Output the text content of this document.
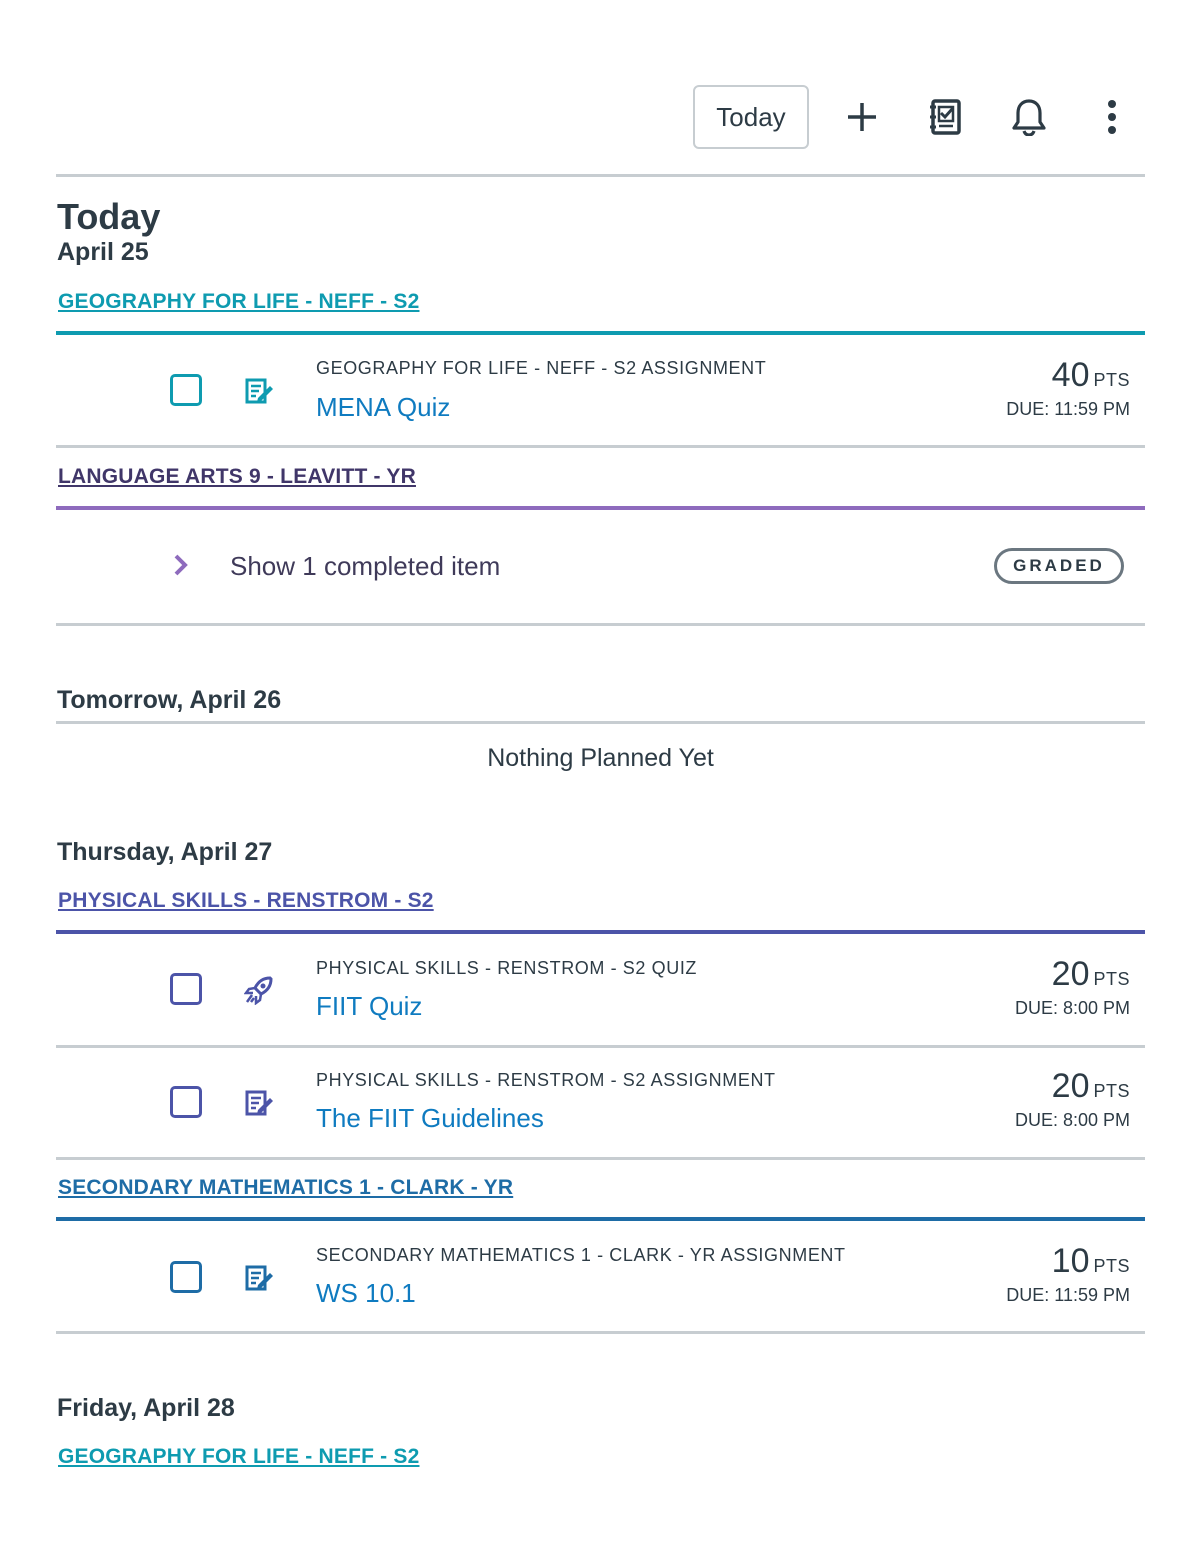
Today
Today
April 25
GEOGRAPHY FOR LIFE - NEFF - S2
GEOGRAPHY FOR LIFE - NEFF - S2 ASSIGNMENT
MENA Quiz
40 PTS
DUE: 11:59 PM
LANGUAGE ARTS 9 - LEAVITT - YR
Show 1 completed item	GRADED
Tomorrow, April 26
Nothing Planned Yet
Thursday, April 27
PHYSICAL SKILLS - RENSTROM - S2
PHYSICAL SKILLS - RENSTROM - S2 QUIZ
FIIT Quiz
20 PTS
DUE: 8:00 PM
PHYSICAL SKILLS - RENSTROM - S2 ASSIGNMENT
The FIIT Guidelines
20 PTS
DUE: 8:00 PM
SECONDARY MATHEMATICS 1 - CLARK - YR
SECONDARY MATHEMATICS 1 - CLARK - YR ASSIGNMENT
WS 10.1
10 PTS
DUE: 11:59 PM
Friday, April 28
GEOGRAPHY FOR LIFE - NEFF - S2
